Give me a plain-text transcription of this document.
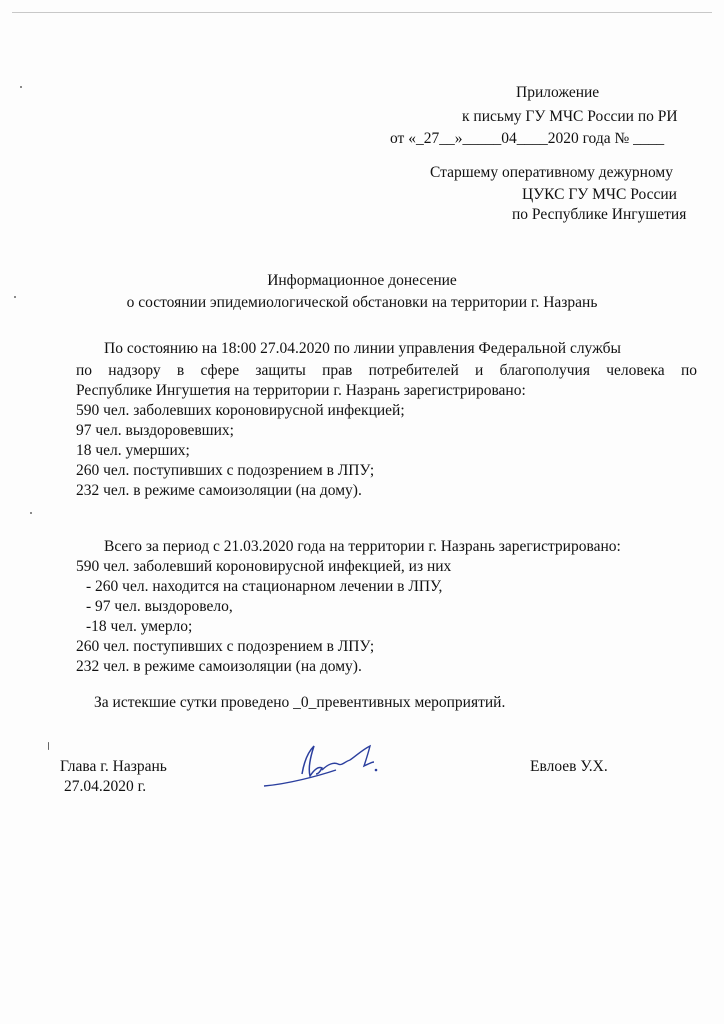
Приложение
к письму ГУ МЧС России по РИ
от «_27__»_____04____2020 года № ____
Старшему оперативному дежурному
ЦУКС ГУ МЧС России
по Республике Ингушетия
Информационное донесение
о состоянии эпидемиологической обстановки на территории г. Назрань
По состоянию на 18:00 27.04.2020 по линии управления Федеральной службы
по надзору в сфере защиты прав потребителей и благополучия человека по
Республике Ингушетия на территории г. Назрань зарегистрировано:
590 чел. заболевших короновирусной инфекцией;
97 чел. выздоровевших;
18 чел. умерших;
260 чел. поступивших с подозрением в ЛПУ;
232 чел. в режиме самоизоляции (на дому).
Всего за период с 21.03.2020 года на территории г. Назрань зарегистрировано:
590 чел. заболевший короновирусной инфекцией, из них
- 260 чел. находится на стационарном лечении в ЛПУ,
- 97 чел. выздоровело,
-18 чел. умерло;
260 чел. поступивших с подозрением в ЛПУ;
232 чел. в режиме самоизоляции (на дому).
За истекшие сутки проведено _0_превентивных мероприятий.
Глава г. Назрань
27.04.2020 г.
Евлоев У.Х.
